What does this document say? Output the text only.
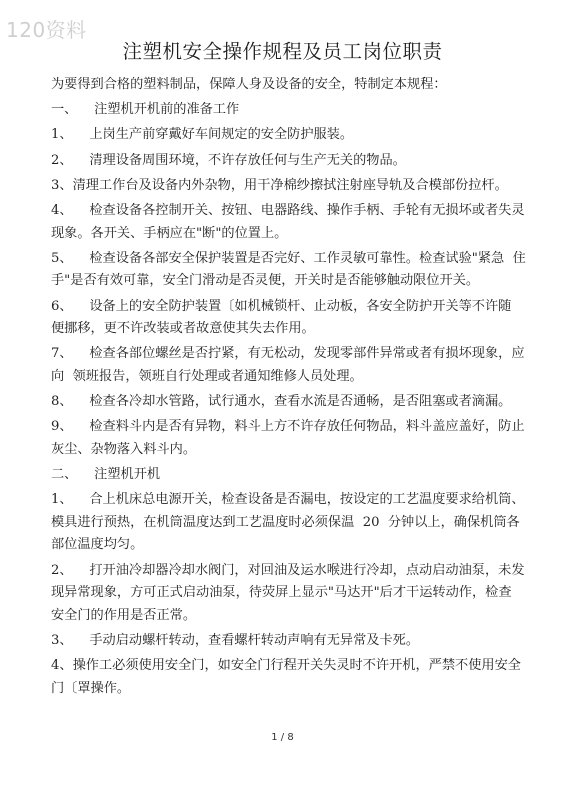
120资料
注塑机安全操作规程及员工岗位职责

为要得到合格的塑料制品，保障人身及设备的安全，特制定本规程：

一、    注塑机开机前的准备工作

1、    上岗生产前穿戴好车间规定的安全防护服装。

2、    清理设备周围环境，不许存放任何与生产无关的物品。

3、清理工作台及设备内外杂物，用干净棉纱擦拭注射座导轨及合模部份拉杆。

4、    检查设备各控制开关、按钮、电器路线、操作手柄、手轮有无损坏或者失灵  现象。各开关、手柄应在"断"的位置上。

5、    检查设备各部安全保护装置是否完好、工作灵敏可靠性。检查试验"紧急  住手"是否有效可靠，安全门滑动是否灵便，开关时是否能够触动限位开关。

6、    设备上的安全防护装置〔如机械锁杆、止动板，各安全防护开关等不许随  便挪移，更不许改装或者故意使其失去作用。

7、    检查各部位螺丝是否拧紧，有无松动，发现零部件异常或者有损坏现象，应向  领班报告，领班自行处理或者通知维修人员处理。

8、    检查各冷却水管路，试行通水，查看水流是否通畅，是否阻塞或者滴漏。

9、    检查料斗内是否有异物，料斗上方不许存放任何物品，料斗盖应盖好，防止  灰尘、杂物落入料斗内。

二、    注塑机开机

1、    合上机床总电源开关，检查设备是否漏电，按设定的工艺温度要求给机筒、模具进行预热，在机筒温度达到工艺温度时必须保温  20  分钟以上，确保机筒各  部位温度均匀。

2、    打开油冷却器冷却水阀门，对回油及运水喉进行冷却，点动启动油泵，未发  现异常现象，方可正式启动油泵，待荧屏上显示"马达开"后才干运转动作，检查  安全门的作用是否正常。

3、    手动启动螺杆转动，查看螺杆转动声响有无异常及卡死。

4、操作工必须使用安全门，如安全门行程开关失灵时不许开机，严禁不使用安全门〔罩操作。

1 / 8
